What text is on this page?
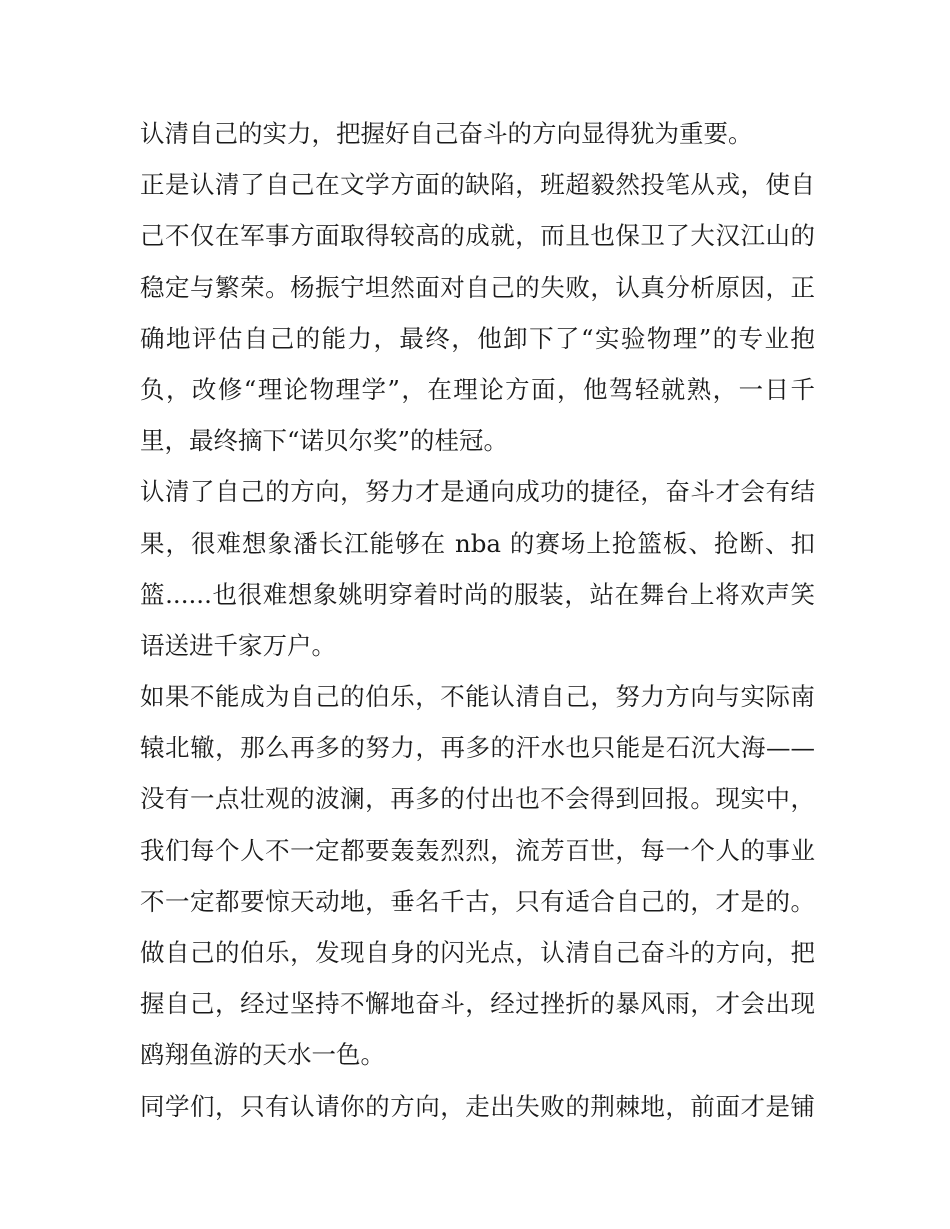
认清自己的实力，把握好自己奋斗的方向显得犹为重要。
正是认清了自己在文学方面的缺陷，班超毅然投笔从戎，使自
己不仅在军事方面取得较高的成就，而且也保卫了大汉江山的
稳定与繁荣。杨振宁坦然面对自己的失败，认真分析原因，正
确地评估自己的能力，最终，他卸下了“实验物理”的专业抱
负，改修“理论物理学”，在理论方面，他驾轻就熟，一日千
里，最终摘下“诺贝尔奖”的桂冠。
认清了自己的方向，努力才是通向成功的捷径，奋斗才会有结
果，很难想象潘长江能够在 nba 的赛场上抢篮板、抢断、扣
篮......也很难想象姚明穿着时尚的服装，站在舞台上将欢声笑
语送进千家万户。
如果不能成为自己的伯乐，不能认清自己，努力方向与实际南
辕北辙，那么再多的努力，再多的汗水也只能是石沉大海——
没有一点壮观的波澜，再多的付出也不会得到回报。现实中，
我们每个人不一定都要轰轰烈烈，流芳百世，每一个人的事业
不一定都要惊天动地，垂名千古，只有适合自己的，才是的。
做自己的伯乐，发现自身的闪光点，认清自己奋斗的方向，把
握自己，经过坚持不懈地奋斗，经过挫折的暴风雨，才会出现
鸥翔鱼游的天水一色。
同学们，只有认请你的方向，走出失败的荆棘地，前面才是铺
